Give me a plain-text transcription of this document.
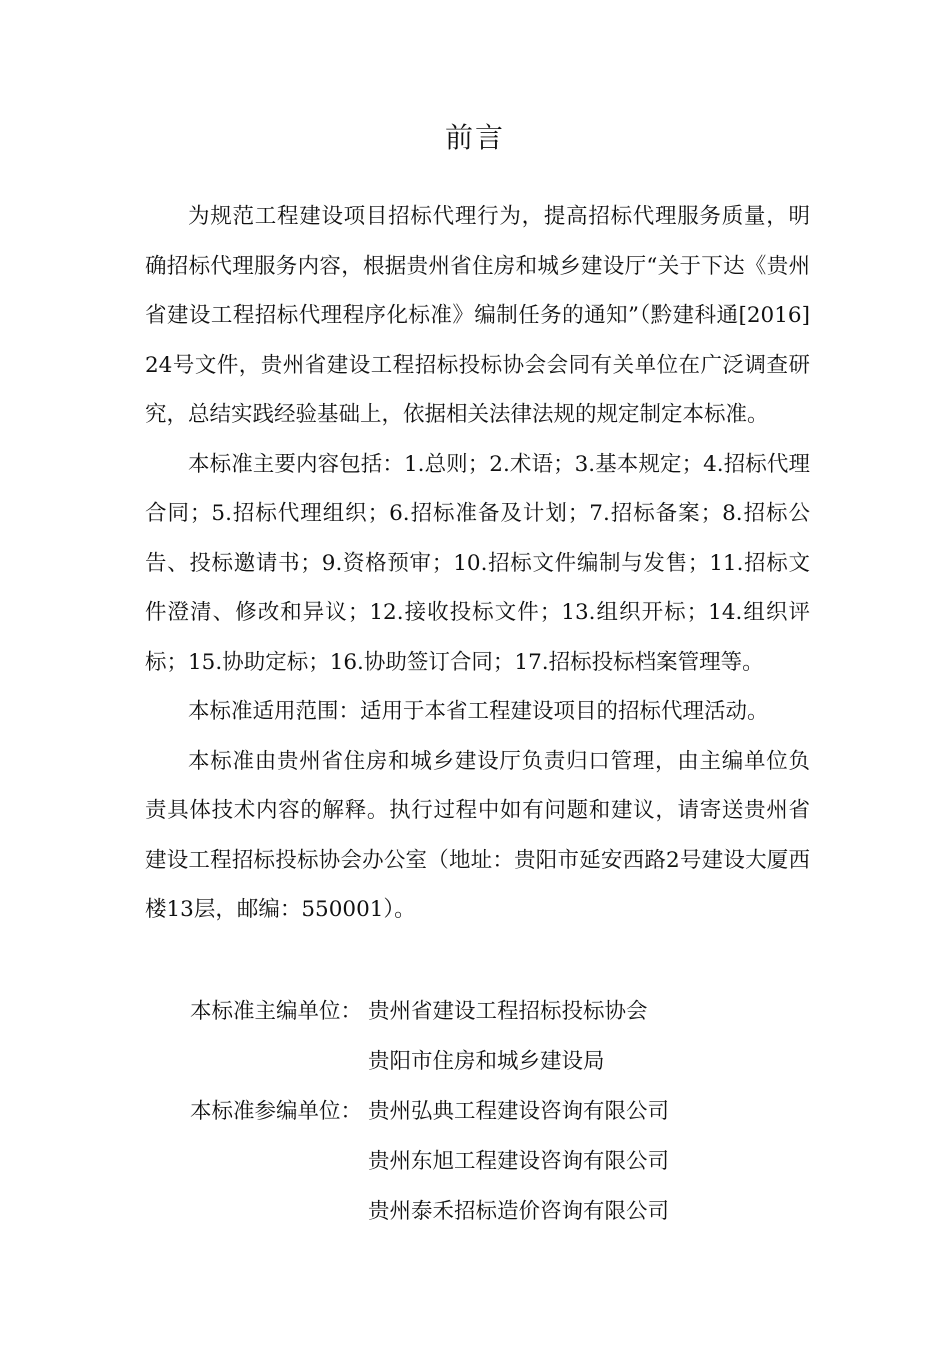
前言

为规范工程建设项目招标代理行为，提高招标代理服务质量，明确招标代理服务内容，根据贵州省住房和城乡建设厅“关于下达《贵州省建设工程招标代理程序化标准》编制任务的通知”（黔建科通[2016]24号文件，贵州省建设工程招标投标协会会同有关单位在广泛调查研究，总结实践经验基础上，依据相关法律法规的规定制定本标准。

本标准主要内容包括：1.总则；2.术语；3.基本规定；4.招标代理合同；5.招标代理组织；6.招标准备及计划；7.招标备案；8.招标公告、投标邀请书；9.资格预审；10.招标文件编制与发售；11.招标文件澄清、修改和异议；12.接收投标文件；13.组织开标；14.组织评标；15.协助定标；16.协助签订合同；17.招标投标档案管理等。

本标准适用范围：适用于本省工程建设项目的招标代理活动。

本标准由贵州省住房和城乡建设厅负责归口管理，由主编单位负责具体技术内容的解释。执行过程中如有问题和建议，请寄送贵州省建设工程招标投标协会办公室（地址：贵阳市延安西路2号建设大厦西楼13层，邮编：550001）。

本标准主编单位： 贵州省建设工程招标投标协会
贵阳市住房和城乡建设局
本标准参编单位： 贵州弘典工程建设咨询有限公司
贵州东旭工程建设咨询有限公司
贵州泰禾招标造价咨询有限公司
